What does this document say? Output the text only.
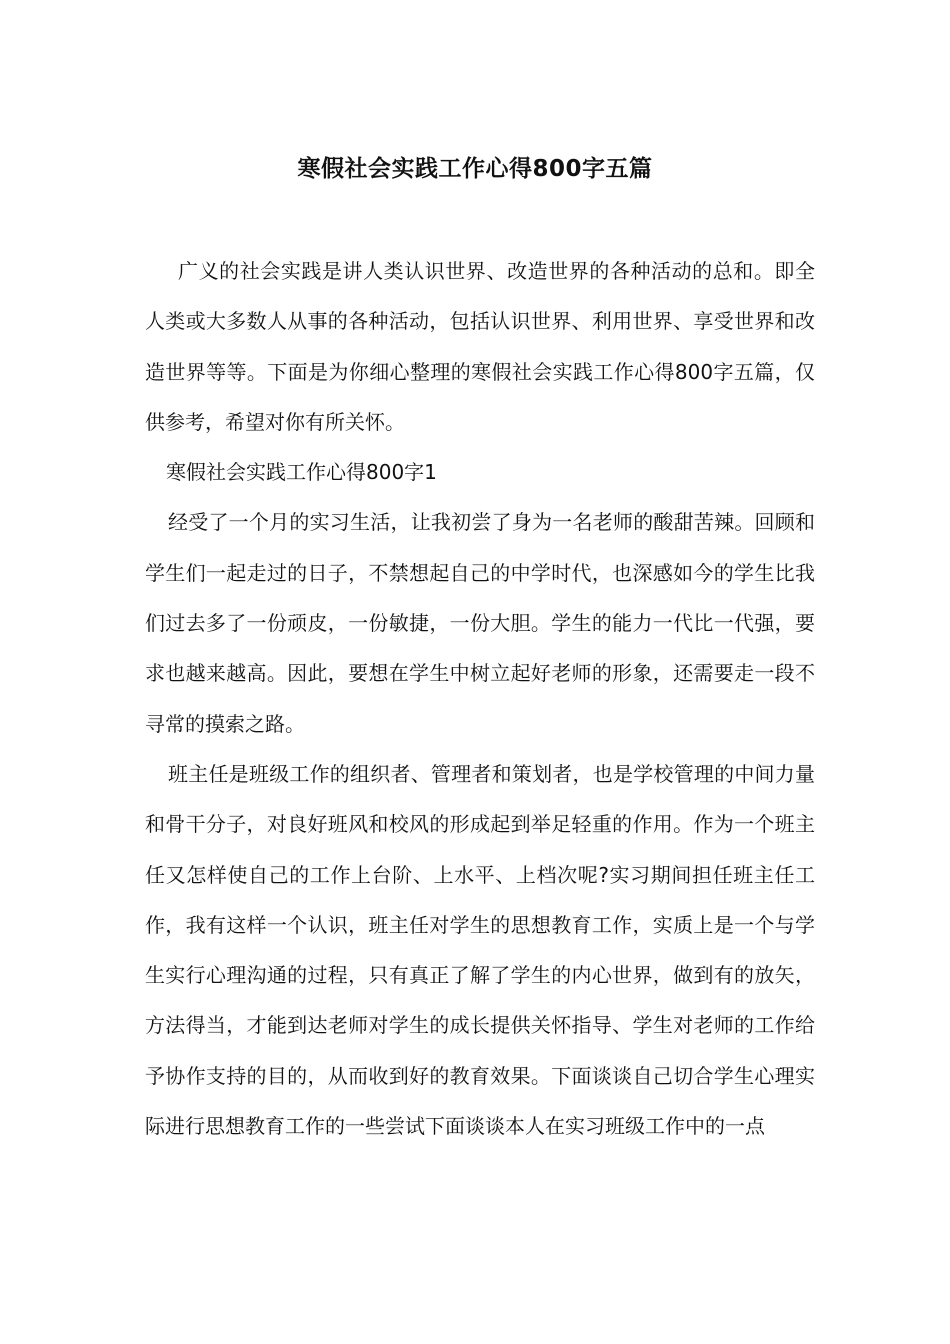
寒假社会实践工作心得800字五篇

广义的社会实践是讲人类认识世界、改造世界的各种活动的总和。即全人类或大多数人从事的各种活动，包括认识世界、利用世界、享受世界和改造世界等等。下面是为你细心整理的寒假社会实践工作心得800字五篇，仅供参考，希望对你有所关怀。

寒假社会实践工作心得800字1

经受了一个月的实习生活，让我初尝了身为一名老师的酸甜苦辣。回顾和学生们一起走过的日子，不禁想起自己的中学时代，也深感如今的学生比我们过去多了一份顽皮，一份敏捷，一份大胆。学生的能力一代比一代强，要求也越来越高。因此，要想在学生中树立起好老师的形象，还需要走一段不寻常的摸索之路。

班主任是班级工作的组织者、管理者和策划者，也是学校管理的中间力量和骨干分子，对良好班风和校风的形成起到举足轻重的作用。作为一个班主任又怎样使自己的工作上台阶、上水平、上档次呢?实习期间担任班主任工作，我有这样一个认识，班主任对学生的思想教育工作，实质上是一个与学生实行心理沟通的过程，只有真正了解了学生的内心世界，做到有的放矢，方法得当，才能到达老师对学生的成长提供关怀指导、学生对老师的工作给予协作支持的目的，从而收到好的教育效果。下面谈谈自己切合学生心理实际进行思想教育工作的一些尝试下面谈谈本人在实习班级工作中的一点
